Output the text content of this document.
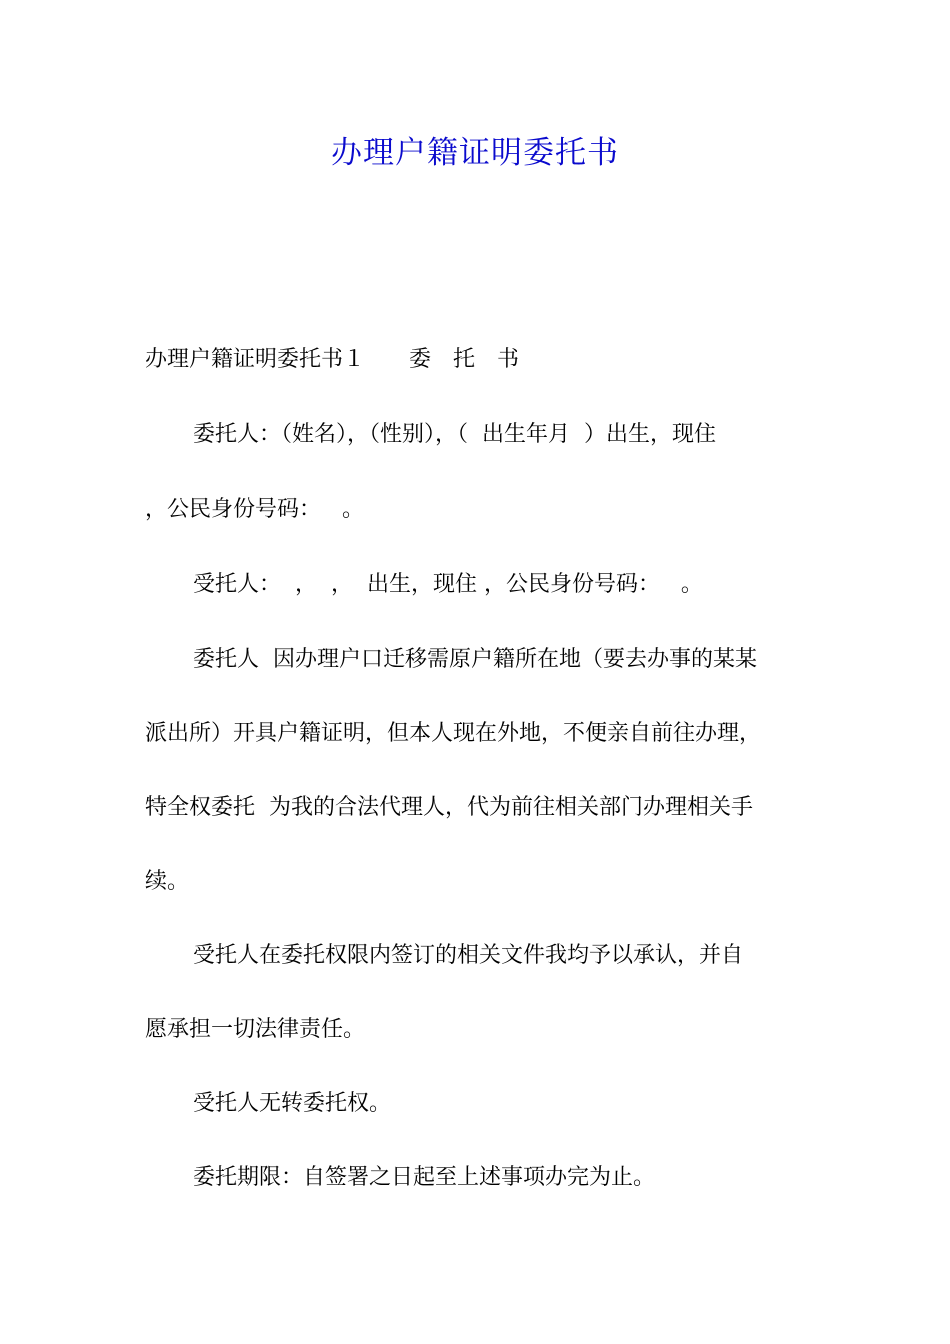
办理户籍证明委托书
办理户籍证明委托书１　　委　托　书
委托人：（姓名），（性别），（  出生年月  ）出生，现住
，公民身份号码：   。
受托人：  ，  ，  出生，现住 ，公民身份号码：   。
委托人  因办理户口迁移需原户籍所在地（要去办事的某某
派出所）开具户籍证明，但本人现在外地，不便亲自前往办理，
特全权委托  为我的合法代理人，代为前往相关部门办理相关手
续。
受托人在委托权限内签订的相关文件我均予以承认，并自
愿承担一切法律责任。
受托人无转委托权。
委托期限：自签署之日起至上述事项办完为止。
